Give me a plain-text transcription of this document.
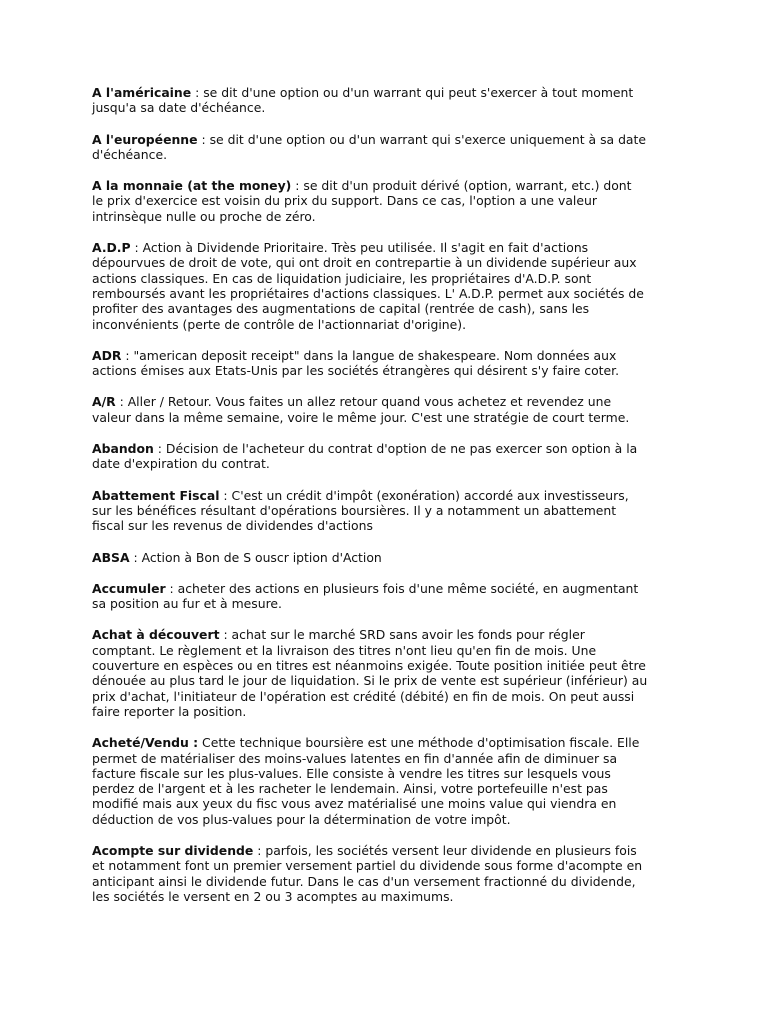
A l'américaine : se dit d'une option ou d'un warrant qui peut s'exercer à tout moment
jusqu'a sa date d'échéance.
A l'européenne : se dit d'une option ou d'un warrant qui s'exerce uniquement à sa date
d'échéance.
A la monnaie (at the money) : se dit d'un produit dérivé (option, warrant, etc.) dont
le prix d'exercice est voisin du prix du support. Dans ce cas, l'option a une valeur
intrinsèque nulle ou proche de zéro.
A.D.P : Action à Dividende Prioritaire. Très peu utilisée. Il s'agit en fait d'actions
dépourvues de droit de vote, qui ont droit en contrepartie à un dividende supérieur aux
actions classiques. En cas de liquidation judiciaire, les propriétaires d'A.D.P. sont
remboursés avant les propriétaires d'actions classiques. L' A.D.P. permet aux sociétés de
profiter des avantages des augmentations de capital (rentrée de cash), sans les
inconvénients (perte de contrôle de l'actionnariat d'origine).
ADR : "american deposit receipt" dans la langue de shakespeare. Nom données aux
actions émises aux Etats-Unis par les sociétés étrangères qui désirent s'y faire coter.
A/R : Aller / Retour. Vous faites un allez retour quand vous achetez et revendez une
valeur dans la même semaine, voire le même jour. C'est une stratégie de court terme.
Abandon : Décision de l'acheteur du contrat d'option de ne pas exercer son option à la
date d'expiration du contrat.
Abattement Fiscal : C'est un crédit d'impôt (exonération) accordé aux investisseurs,
sur les bénéfices résultant d'opérations boursières. Il y a notamment un abattement
fiscal sur les revenus de dividendes d'actions
ABSA : Action à Bon de S ouscr iption d'Action
Accumuler : acheter des actions en plusieurs fois d'une même société, en augmentant
sa position au fur et à mesure.
Achat à découvert : achat sur le marché SRD sans avoir les fonds pour régler
comptant. Le règlement et la livraison des titres n'ont lieu qu'en fin de mois. Une
couverture en espèces ou en titres est néanmoins exigée. Toute position initiée peut être
dénouée au plus tard le jour de liquidation. Si le prix de vente est supérieur (inférieur) au
prix d'achat, l'initiateur de l'opération est crédité (débité) en fin de mois. On peut aussi
faire reporter la position.
Acheté/Vendu : Cette technique boursière est une méthode d'optimisation fiscale. Elle
permet de matérialiser des moins-values latentes en fin d'année afin de diminuer sa
facture fiscale sur les plus-values. Elle consiste à vendre les titres sur lesquels vous
perdez de l'argent et à les racheter le lendemain. Ainsi, votre portefeuille n'est pas
modifié mais aux yeux du fisc vous avez matérialisé une moins value qui viendra en
déduction de vos plus-values pour la détermination de votre impôt.
Acompte sur dividende : parfois, les sociétés versent leur dividende en plusieurs fois
et notamment font un premier versement partiel du dividende sous forme d'acompte en
anticipant ainsi le dividende futur. Dans le cas d'un versement fractionné du dividende,
les sociétés le versent en 2 ou 3 acomptes au maximums.
